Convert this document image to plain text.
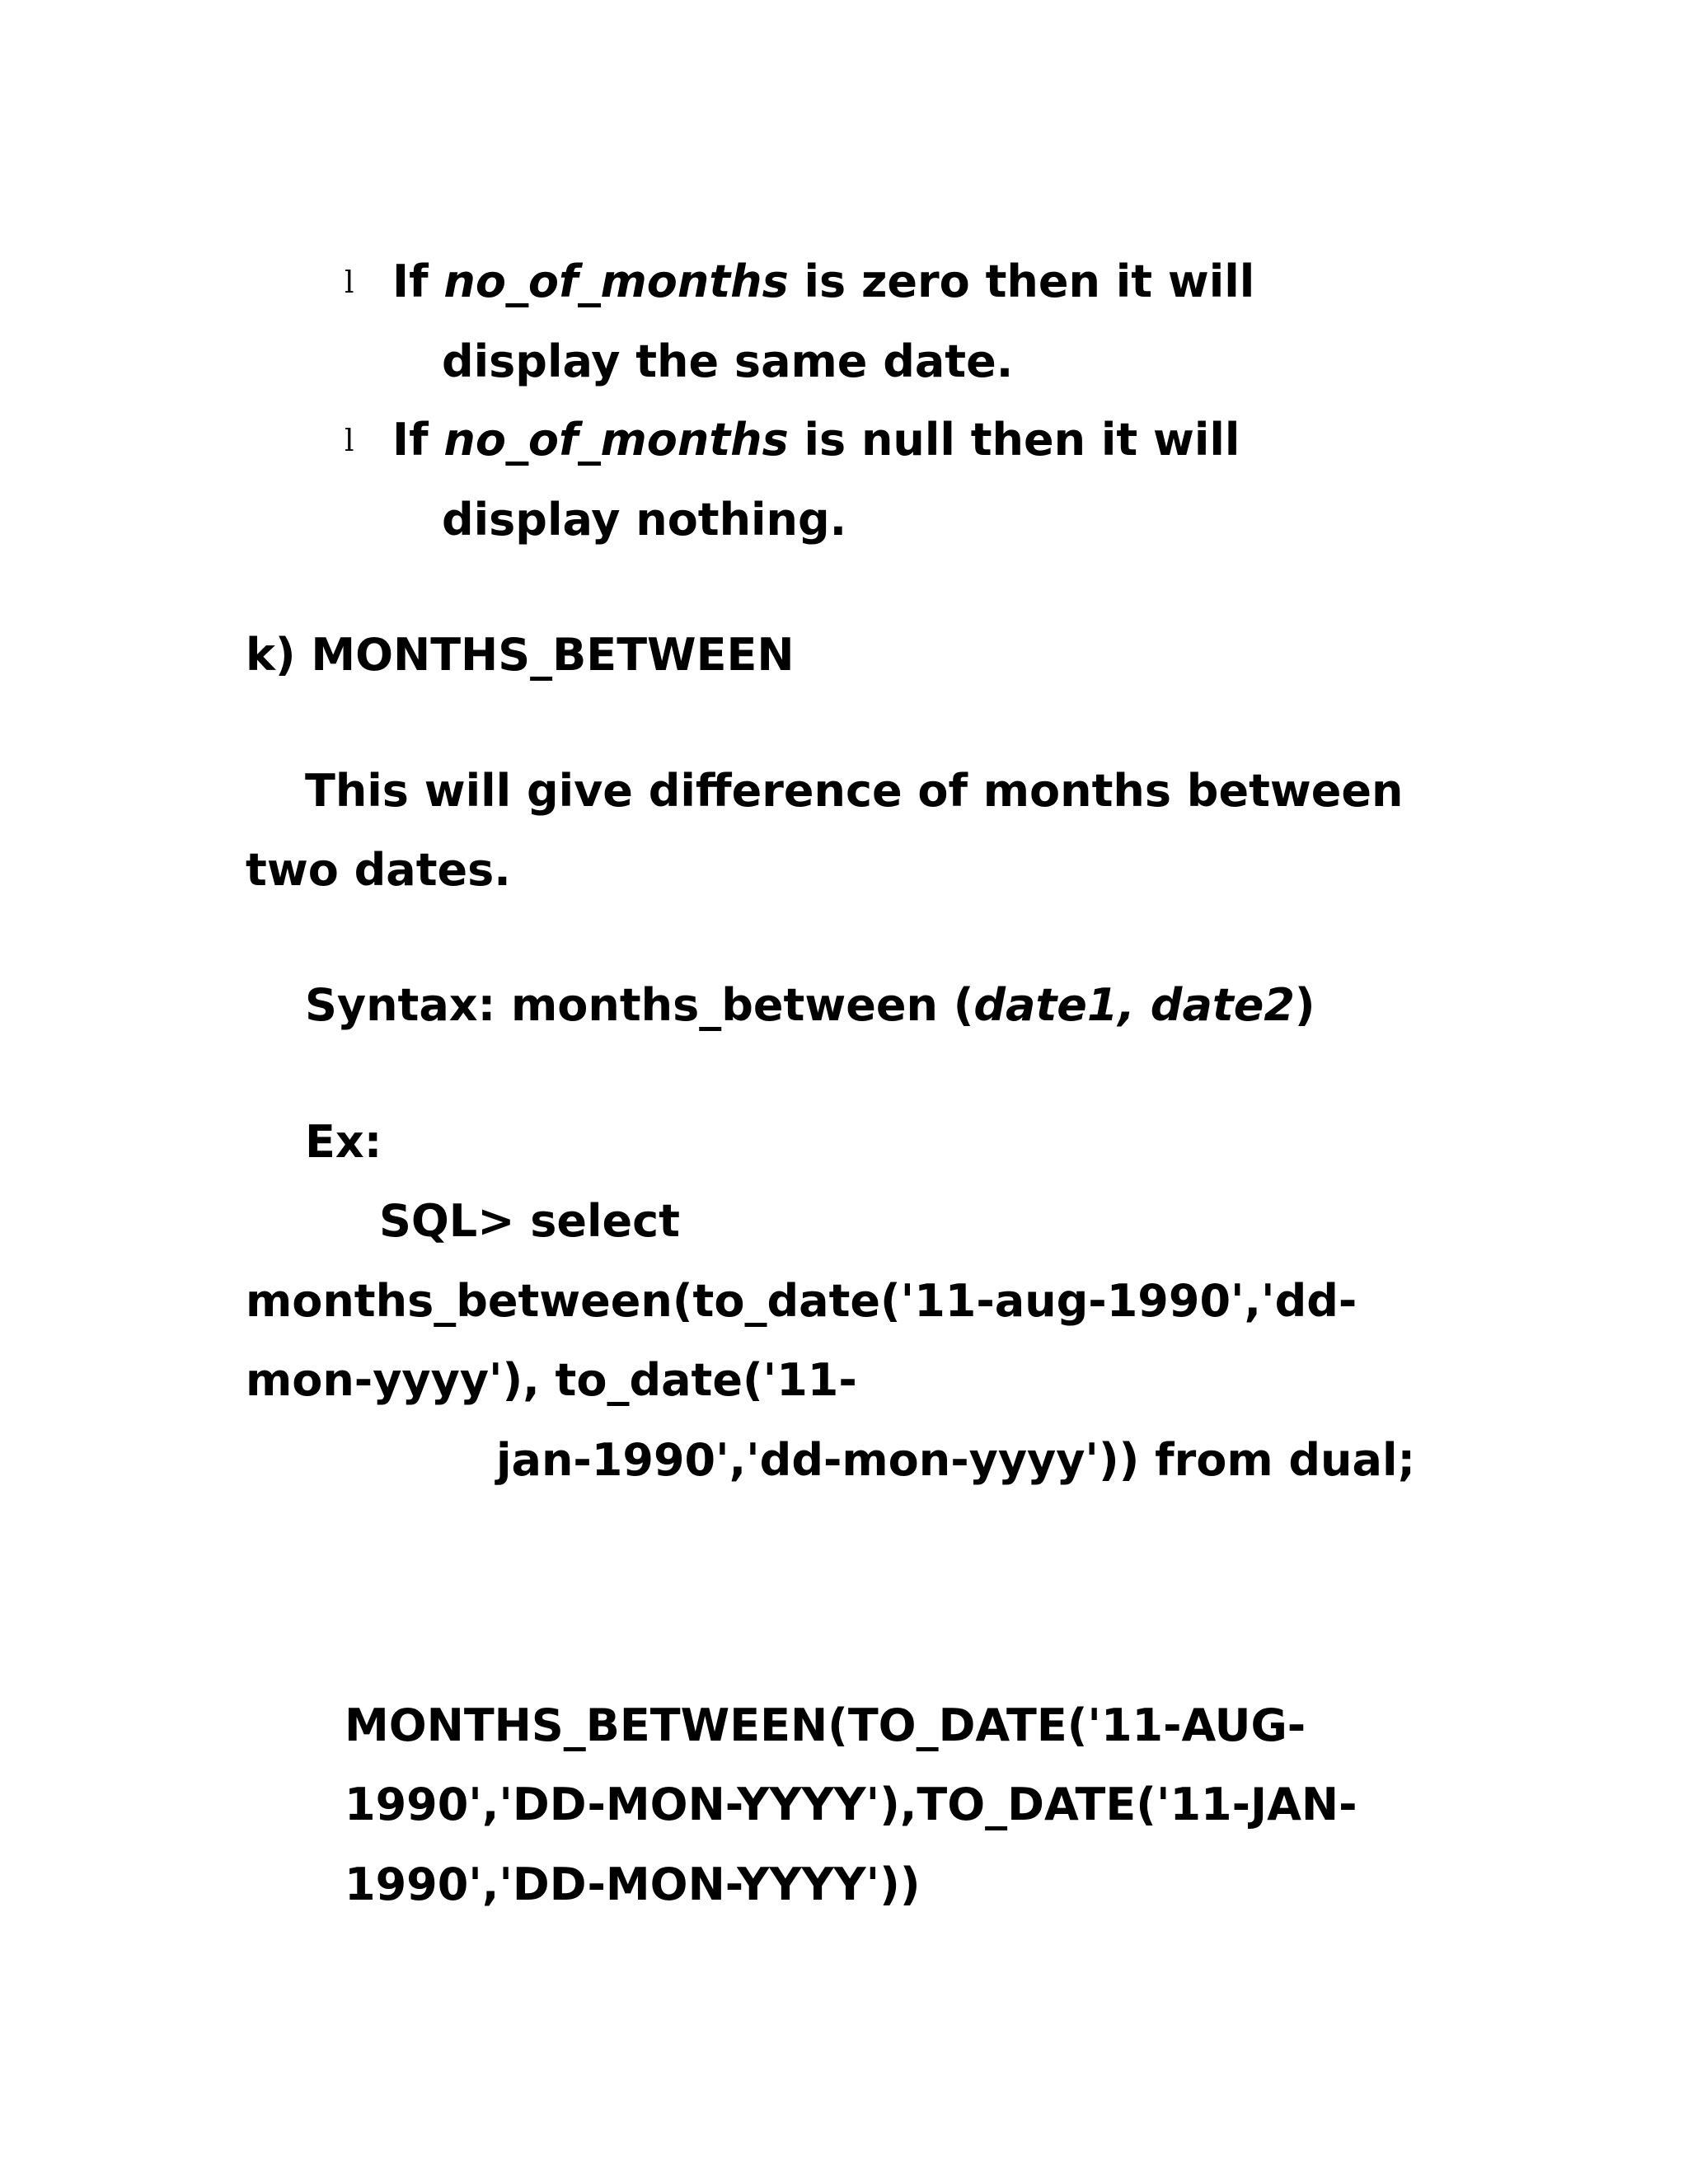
l If no_of_months is zero then it will
display the same date.
l If no_of_months is null then it will
display nothing.
k) MONTHS_BETWEEN
This will give difference of months between
two dates.
Syntax: months_between (date1, date2)
Ex:
SQL> select
months_between(to_date('11-aug-1990','dd-
mon-yyyy'), to_date('11-
jan-1990','dd-mon-yyyy')) from dual;
MONTHS_BETWEEN(TO_DATE('11-AUG-
1990','DD-MON-YYYY'),TO_DATE('11-JAN-
1990','DD-MON-YYYY'))
